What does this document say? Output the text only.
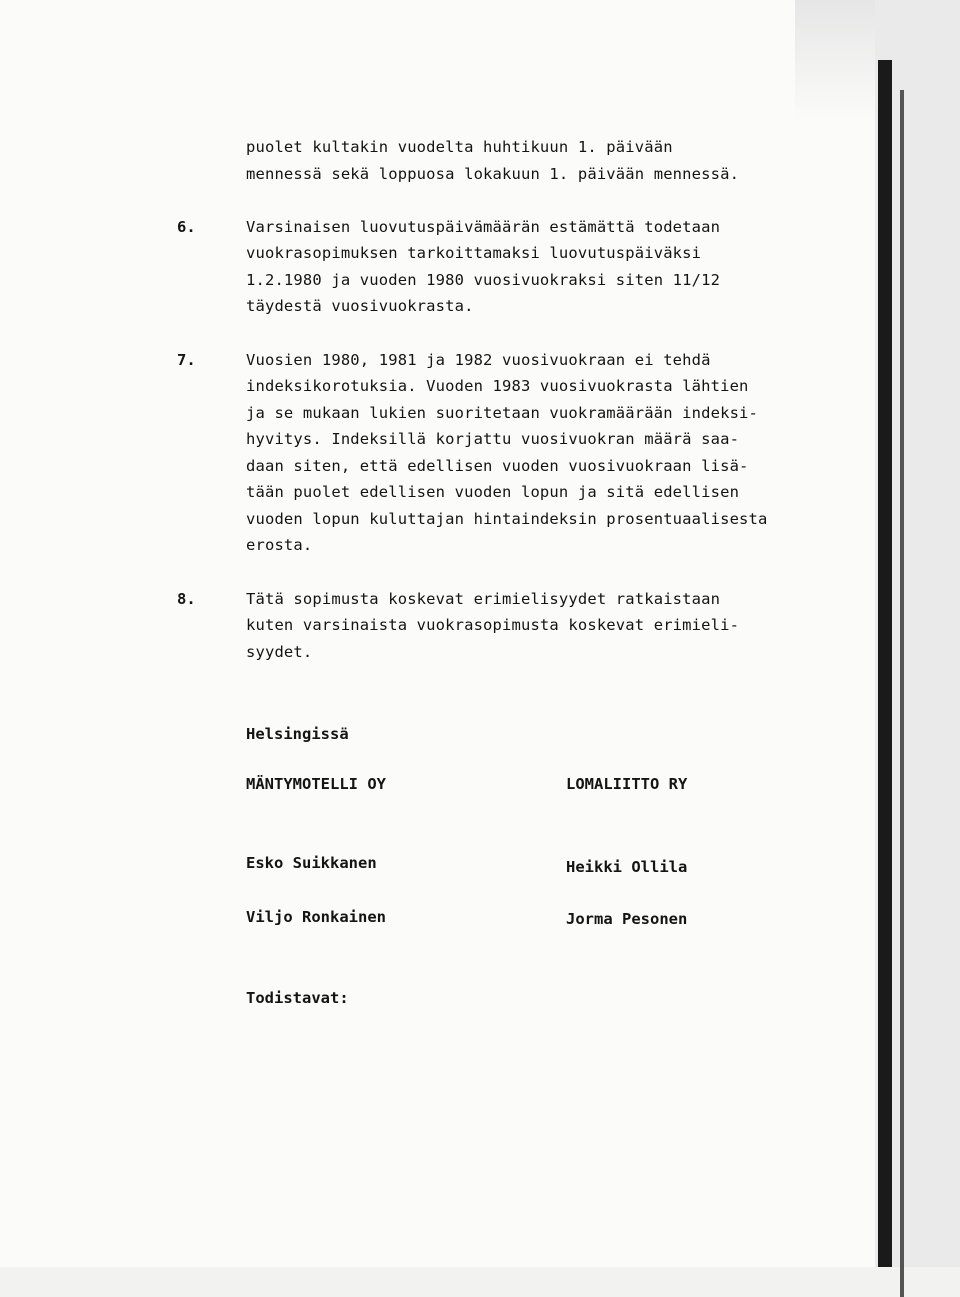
puolet kultakin vuodelta huhtikuun 1. päivään
mennessä sekä loppuosa lokakuun 1. päivään mennessä.
6.	Varsinaisen luovutuspäivämäärän estämättä todetaan
vuokrasopimuksen tarkoittamaksi luovutuspäiväksi
1.2.1980 ja vuoden 1980 vuosivuokraksi siten 11/12
täydestä vuosivuokrasta.
7.	Vuosien 1980, 1981 ja 1982 vuosivuokraan ei tehdä
indeksikorotuksia. Vuoden 1983 vuosivuokrasta lähtien
ja se mukaan lukien suoritetaan vuokramäärään indeksi-
hyvitys. Indeksillä korjattu vuosivuokran määrä saa-
daan siten, että edellisen vuoden vuosivuokraan lisä-
tään puolet edellisen vuoden lopun ja sitä edellisen
vuoden lopun kuluttajan hintaindeksin prosentuaalisesta
erosta.
8.	Tätä sopimusta koskevat erimielisyydet ratkaistaan
kuten varsinaista vuokrasopimusta koskevat erimieli-
syydet.
Helsingissä
MÄNTYMOTELLI OY	LOMALIITTO RY
Esko Suikkanen	Heikki Ollila
Viljo Ronkainen	Jorma Pesonen
Todistavat:
